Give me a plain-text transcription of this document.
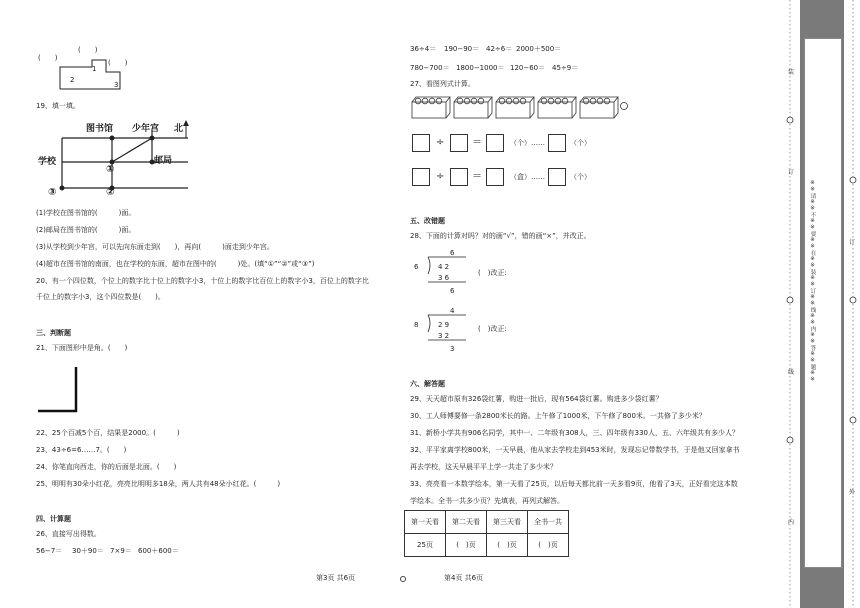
(　　)
(　　)
(　　)
2
1
3
19、填一填。
图书馆 少年宫 北
学校	邮局
①
②
③
(1)学校在图书馆的(　　　)面。
(2)邮局在图书馆的(　　　)面。
(3)从学校到少年宫，可以先向东面走到(　　)，再向(　　　)面走到少年宫。
(4)超市在图书馆的南面，也在学校的东面，超市在图中的(　　　)处。(填“①”“②”或“③”)
20、有一个四位数，个位上的数字比十位上的数字小3，十位上的数字比百位上的数字小3，百位上的数字比
千位上的数字小3，这个四位数是(　　)。
三、判断题
21、下面图形中是角。(　　)
22、25个百减5个百，结果是2000。(　　　)
23、43÷6=6……7。(　　)
24、你笔直向西走，你的后面是北面。(　　)
25、明明有30朵小红花，亮亮比明明多18朵，两人共有48朵小红花。(　　　)
四、计算题
26、直接写出得数。
56−7＝ 30＋90＝ 7×9＝ 600＋600＝
36÷4＝ 190−90＝ 42÷6＝ 2000＋500＝
780−700＝ 1800−1000＝ 120−60＝ 45÷9＝
27、看图列式计算。
÷	＝	（个）……	（个）
÷	＝	（盒）……	（个）
五、改错题
28、下面的计算对吗？对的画“√”，错的画“×”，并改正。
6
6	4 2
3 6
6
(　)改正:
4
8	2 9
3 2
3
(　)改正:
六、解答题
29、天天超市原有326袋红薯，购进一批后，现有564袋红薯。购进多少袋红薯？
30、工人师傅要修一条2800米长的路。上午修了1000米，下午修了800米。一共修了多少米？
31、新桥小学共有906名同学，其中一、二年级有308人，三、四年级有330人，五、六年级共有多少人？
32、平平家离学校800米，一天早晨，他从家去学校走到453米时，发现忘记带数学书，于是他又回家拿书
再去学校，这天早晨平平上学一共走了多少米？
33、亮亮看一本数学绘本，第一天看了25页，以后每天都比前一天多看9页，他看了3天，正好看完这本数
学绘本。全书一共多少页？先填表，再列式解答。
第一天看	第二天看	第三天看	全书一共
25页	(　)页	(　)页	(　)页
第3页 共6页	第4页 共6页
装
订
线
内
※※请※※不※※要※※在※※装※※订※※线※※内※※答※※题※※	订
外
